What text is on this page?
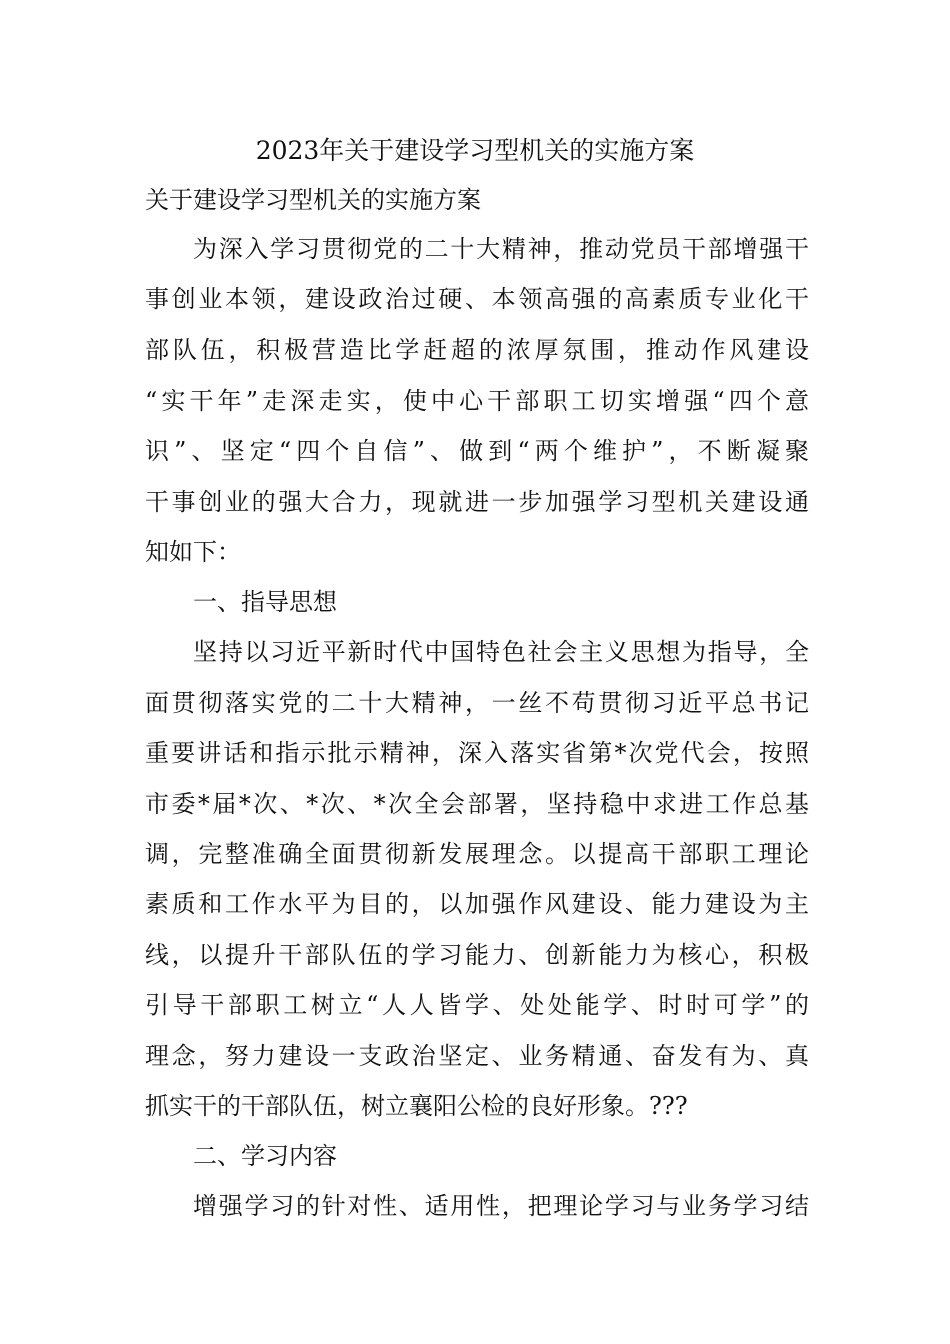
2023年关于建设学习型机关的实施方案
关于建设学习型机关的实施方案
为深入学习贯彻党的二十大精神，推动党员干部增强干
事创业本领，建设政治过硬、本领高强的高素质专业化干
部队伍，积极营造比学赶超的浓厚氛围，推动作风建设
“实干年”走深走实，使中心干部职工切实增强“四个意
识”、坚定“四个自信”、做到“两个维护”，不断凝聚
干事创业的强大合力，现就进一步加强学习型机关建设通
知如下：
一、指导思想
坚持以习近平新时代中国特色社会主义思想为指导，全
面贯彻落实党的二十大精神，一丝不苟贯彻习近平总书记
重要讲话和指示批示精神，深入落实省第*次党代会，按照
市委*届*次、*次、*次全会部署，坚持稳中求进工作总基
调，完整准确全面贯彻新发展理念。以提高干部职工理论
素质和工作水平为目的，以加强作风建设、能力建设为主
线，以提升干部队伍的学习能力、创新能力为核心，积极
引导干部职工树立“人人皆学、处处能学、时时可学”的
理念，努力建设一支政治坚定、业务精通、奋发有为、真
抓实干的干部队伍，树立襄阳公检的良好形象。???
二、学习内容
增强学习的针对性、适用性，把理论学习与业务学习结
